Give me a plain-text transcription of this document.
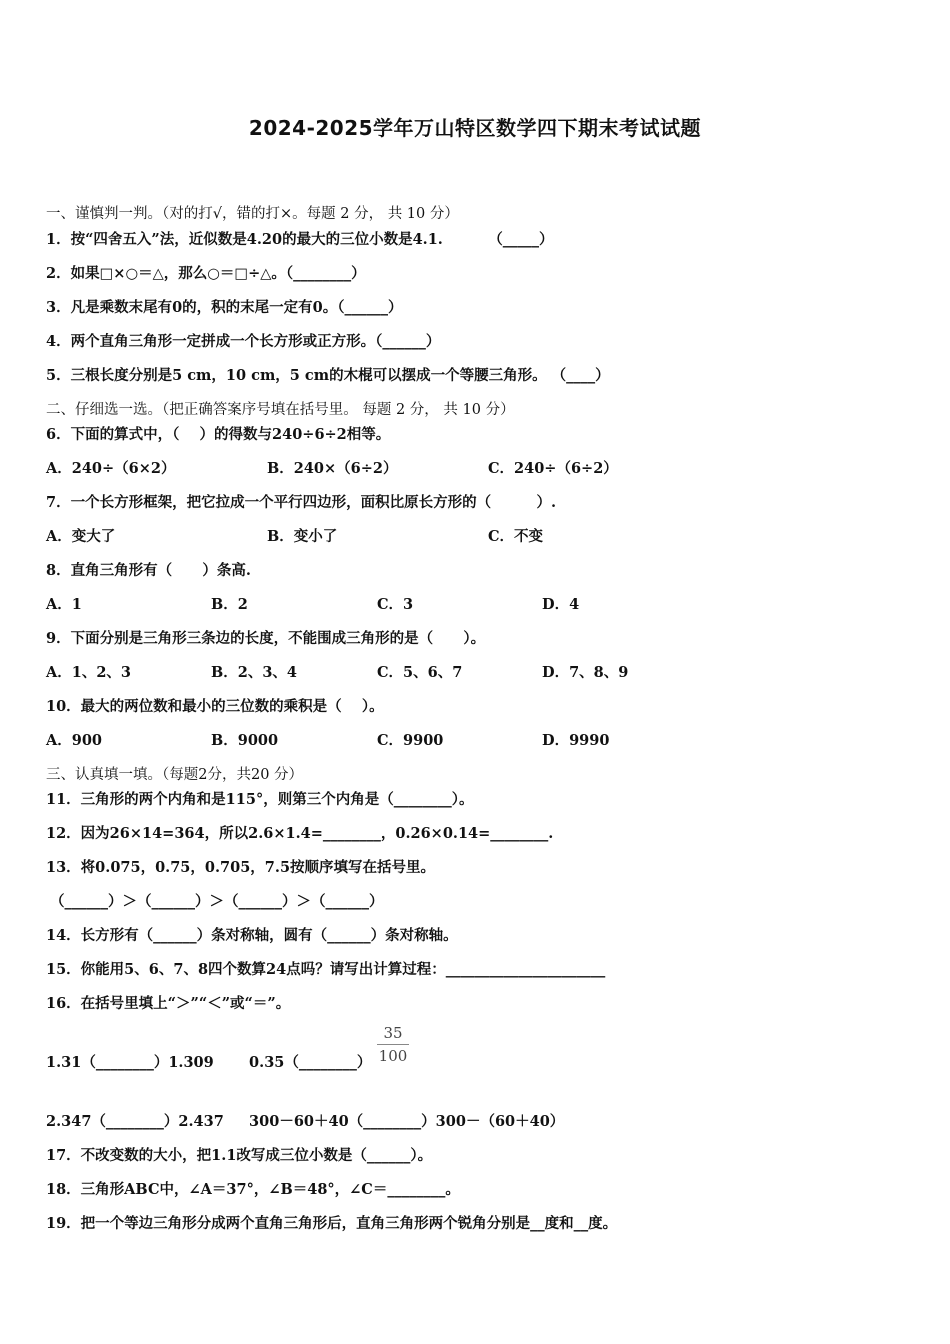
2024-2025学年万山特区数学四下期末考试试题
一、谨慎判一判。（对的打√，错的打×。每题 2 分， 共 10 分）
1．按“四舍五入”法，近似数是4.20的最大的三位小数是4.1.         （_____）
2．如果□×○＝△，那么○＝□÷△。（________）
3．凡是乘数末尾有0的，积的末尾一定有0。（______）
4．两个直角三角形一定拼成一个长方形或正方形。（______）
5．三根长度分别是5 cm，10 cm，5 cm的木棍可以摆成一个等腰三角形。 （____）
二、仔细选一选。（把正确答案序号填在括号里。 每题 2 分， 共 10 分）
6．下面的算式中，（    ）的得数与240÷6÷2相等。
A．240÷（6×2）	B．240×（6÷2）	C．240÷（6÷2）
7．一个长方形框架，把它拉成一个平行四边形，面积比原长方形的（         ）.
A．变大了	B．变小了	C．不变
8．直角三角形有（      ）条高.
A．1	B．2	C．3	D．4
9．下面分别是三角形三条边的长度，不能围成三角形的是（      ）。
A．1、2、3	B．2、3、4	C．5、6、7	D．7、8、9
10．最大的两位数和最小的三位数的乘积是（    ）。
A．900	B．9000	C．9900	D．9990
三、认真填一填。（每题2分，共20 分）
11．三角形的两个内角和是115°，则第三个内角是（________）。
12．因为26×14=364，所以2.6×1.4=________，0.26×0.14=________.
13．将0.075，0.75，0.705，7.5按顺序填写在括号里。
（______）＞（______）＞（______）＞（______）
14．长方形有（______）条对称轴，圆有（______）条对称轴。
15．你能用5、6、7、8四个数算24点吗？请写出计算过程：______________________
16．在括号里填上“＞”“＜”或“＝”。
1.31（________）1.309       0.35（________）
35
100
2.347（________）2.437     300－60＋40（________）300－（60＋40）
17．不改变数的大小，把1.1改写成三位小数是（______）。
18．三角形ABC中，∠A＝37°，∠B＝48°，∠C＝________。
19．把一个等边三角形分成两个直角三角形后，直角三角形两个锐角分别是__度和__度。
